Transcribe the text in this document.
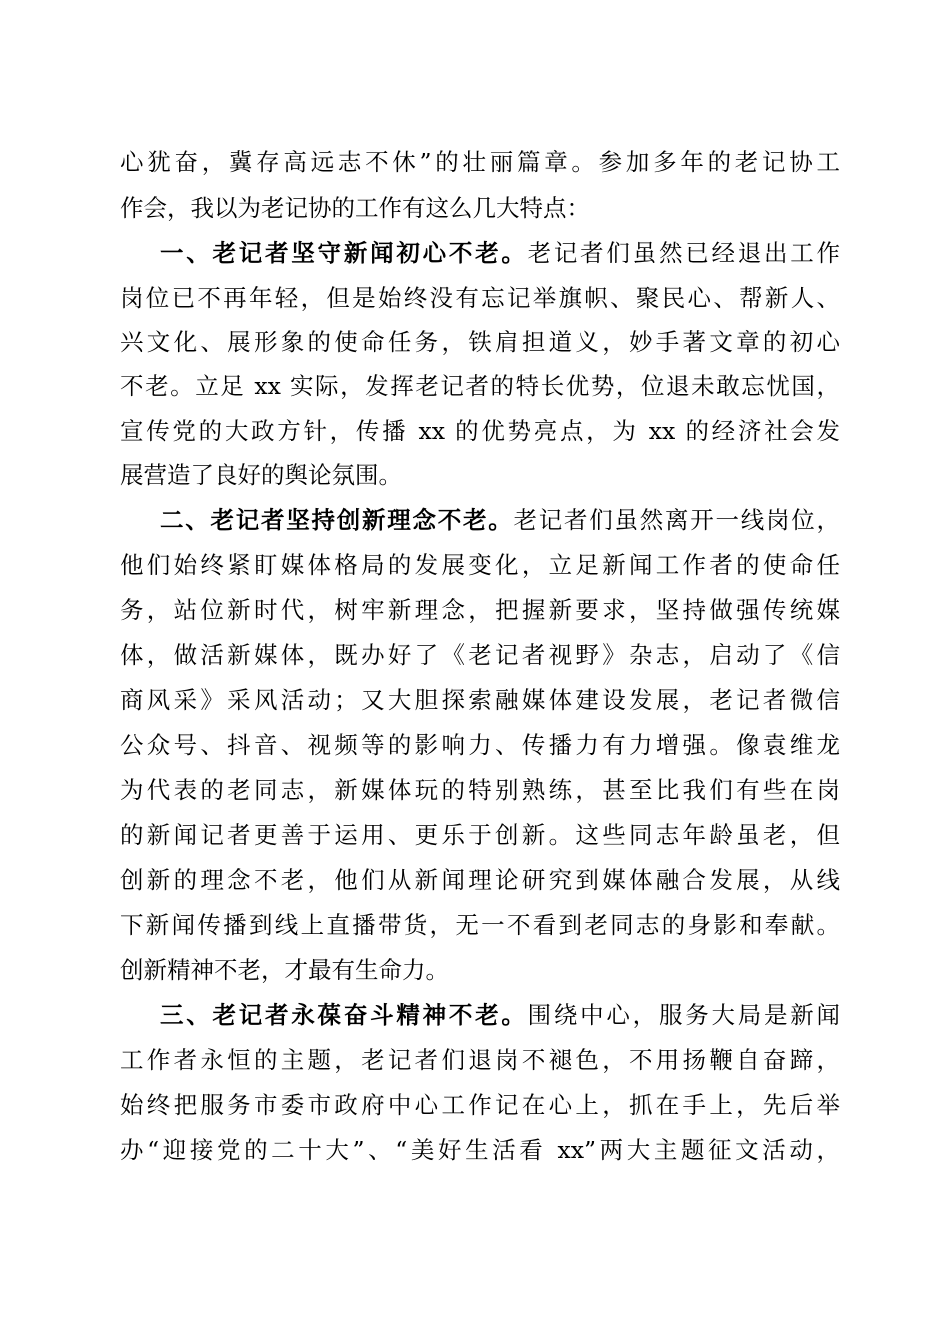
心犹奋，冀存高远志不休”的壮丽篇章。参加多年的老记协工
作会，我以为老记协的工作有这么几大特点：
一、老记者坚守新闻初心不老。老记者们虽然已经退出工作
岗位已不再年轻，但是始终没有忘记举旗帜、聚民心、帮新人、
兴文化、展形象的使命任务，铁肩担道义，妙手著文章的初心
不老。立足 xx 实际，发挥老记者的特长优势，位退未敢忘忧国，
宣传党的大政方针，传播 xx 的优势亮点，为 xx 的经济社会发
展营造了良好的舆论氛围。
二、老记者坚持创新理念不老。老记者们虽然离开一线岗位，
他们始终紧盯媒体格局的发展变化，立足新闻工作者的使命任
务，站位新时代，树牢新理念，把握新要求，坚持做强传统媒
体，做活新媒体，既办好了《老记者视野》杂志，启动了《信
商风采》采风活动；又大胆探索融媒体建设发展，老记者微信
公众号、抖音、视频等的影响力、传播力有力增强。像袁维龙
为代表的老同志，新媒体玩的特别熟练，甚至比我们有些在岗
的新闻记者更善于运用、更乐于创新。这些同志年龄虽老，但
创新的理念不老，他们从新闻理论研究到媒体融合发展，从线
下新闻传播到线上直播带货，无一不看到老同志的身影和奉献。
创新精神不老，才最有生命力。
三、老记者永葆奋斗精神不老。围绕中心，服务大局是新闻
工作者永恒的主题，老记者们退岗不褪色，不用扬鞭自奋蹄，
始终把服务市委市政府中心工作记在心上，抓在手上，先后举
办“迎接党的二十大”、“美好生活看 xx”两大主题征文活动，
